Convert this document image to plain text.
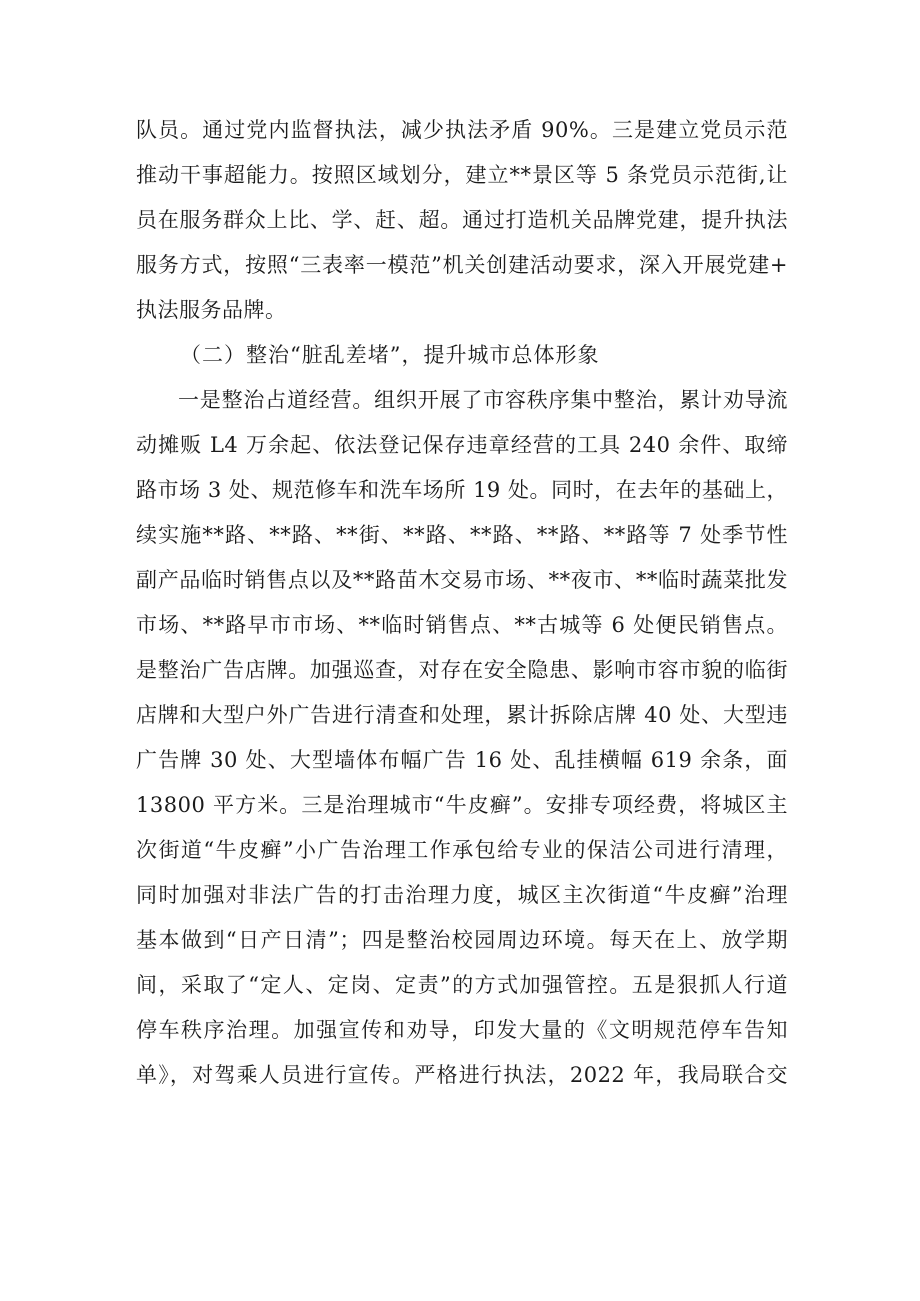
队员。通过党内监督执法，减少执法矛盾 90%。三是建立党员示范
推动干事超能力。按照区域划分，建立**景区等 5 条党员示范街,让
员在服务群众上比、学、赶、超。通过打造机关品牌党建，提升执法
服务方式，按照“三表率一模范”机关创建活动要求，深入开展党建+
执法服务品牌。
（二）整治“脏乱差堵”，提升城市总体形象
一是整治占道经营。组织开展了市容秩序集中整治，累计劝导流
动摊贩 L4 万余起、依法登记保存违章经营的工具 240 余件、取缔
路市场 3 处、规范修车和洗车场所 19 处。同时，在去年的基础上，
续实施**路、**路、**街、**路、**路、**路、**路等 7 处季节性
副产品临时销售点以及**路苗木交易市场、**夜市、**临时蔬菜批发
市场、**路早市市场、**临时销售点、**古城等 6 处便民销售点。
是整治广告店牌。加强巡查，对存在安全隐患、影响市容市貌的临街
店牌和大型户外广告进行清查和处理，累计拆除店牌 40 处、大型违
广告牌 30 处、大型墙体布幅广告 16 处、乱挂横幅 619 余条，面
13800 平方米。三是治理城市“牛皮癣”。安排专项经费，将城区主
次街道“牛皮癣”小广告治理工作承包给专业的保洁公司进行清理，
同时加强对非法广告的打击治理力度，城区主次街道“牛皮癣”治理
基本做到“日产日清”；四是整治校园周边环境。每天在上、放学期
间，采取了“定人、定岗、定责”的方式加强管控。五是狠抓人行道
停车秩序治理。加强宣传和劝导，印发大量的《文明规范停车告知
单》，对驾乘人员进行宣传。严格进行执法，2022 年，我局联合交
